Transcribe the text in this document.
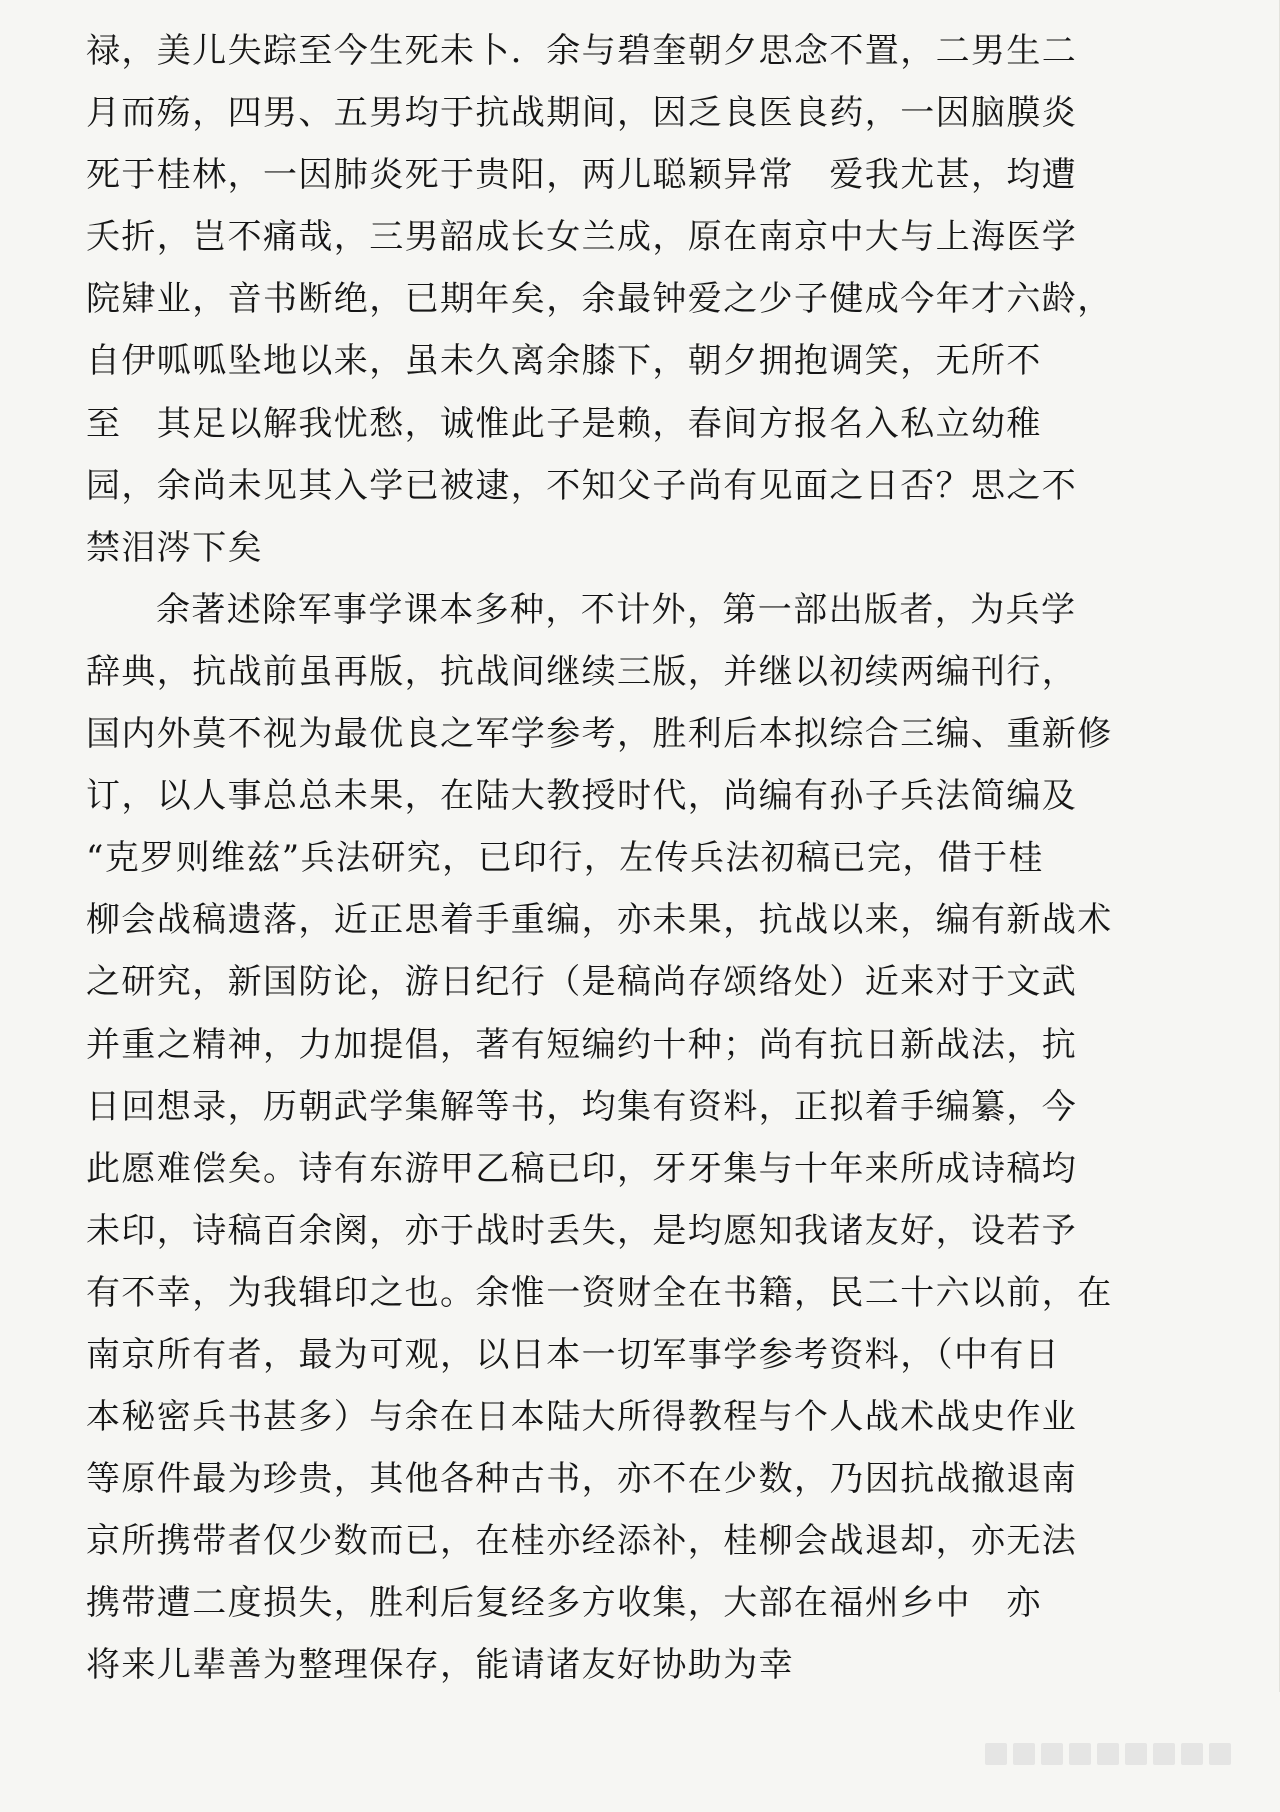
禄，美儿失踪至今生死未卜．余与碧奎朝夕思念不置，二男生二
月而殇，四男、五男均于抗战期间，因乏良医良药，一因脑膜炎
死于桂林，一因肺炎死于贵阳，两儿聪颖异常　爱我尤甚，均遭
夭折，岂不痛哉，三男韶成长女兰成，原在南京中大与上海医学
院肄业，音书断绝，已期年矣，余最钟爱之少子健成今年才六龄，
自伊呱呱坠地以来，虽未久离余膝下，朝夕拥抱调笑，无所不
至　其足以解我忧愁，诚惟此子是赖，春间方报名入私立幼稚
园，余尚未见其入学已被逮，不知父子尚有见面之日否？思之不
禁泪涔下矣
余著述除军事学课本多种，不计外，第一部出版者，为兵学
辞典，抗战前虽再版，抗战间继续三版，并继以初续两编刊行，
国内外莫不视为最优良之军学参考，胜利后本拟综合三编、重新修
订，以人事总总未果，在陆大教授时代，尚编有孙子兵法简编及
“克罗则维兹”兵法研究，已印行，左传兵法初稿已完，借于桂
柳会战稿遗落，近正思着手重编，亦未果，抗战以来，编有新战术
之研究，新国防论，游日纪行（是稿尚存颂络处）近来对于文武
并重之精神，力加提倡，著有短编约十种；尚有抗日新战法，抗
日回想录，历朝武学集解等书，均集有资料，正拟着手编纂，今
此愿难偿矣。诗有东游甲乙稿已印，牙牙集与十年来所成诗稿均
未印，诗稿百余阕，亦于战时丢失，是均愿知我诸友好，设若予
有不幸，为我辑印之也。余惟一资财全在书籍，民二十六以前，在
南京所有者，最为可观，以日本一切军事学参考资料，（中有日
本秘密兵书甚多）与余在日本陆大所得教程与个人战术战史作业
等原件最为珍贵，其他各种古书，亦不在少数，乃因抗战撤退南
京所携带者仅少数而已，在桂亦经添补，桂柳会战退却，亦无法
携带遭二度损失，胜利后复经多方收集，大部在福州乡中　亦
将来儿辈善为整理保存，能请诸友好协助为幸
